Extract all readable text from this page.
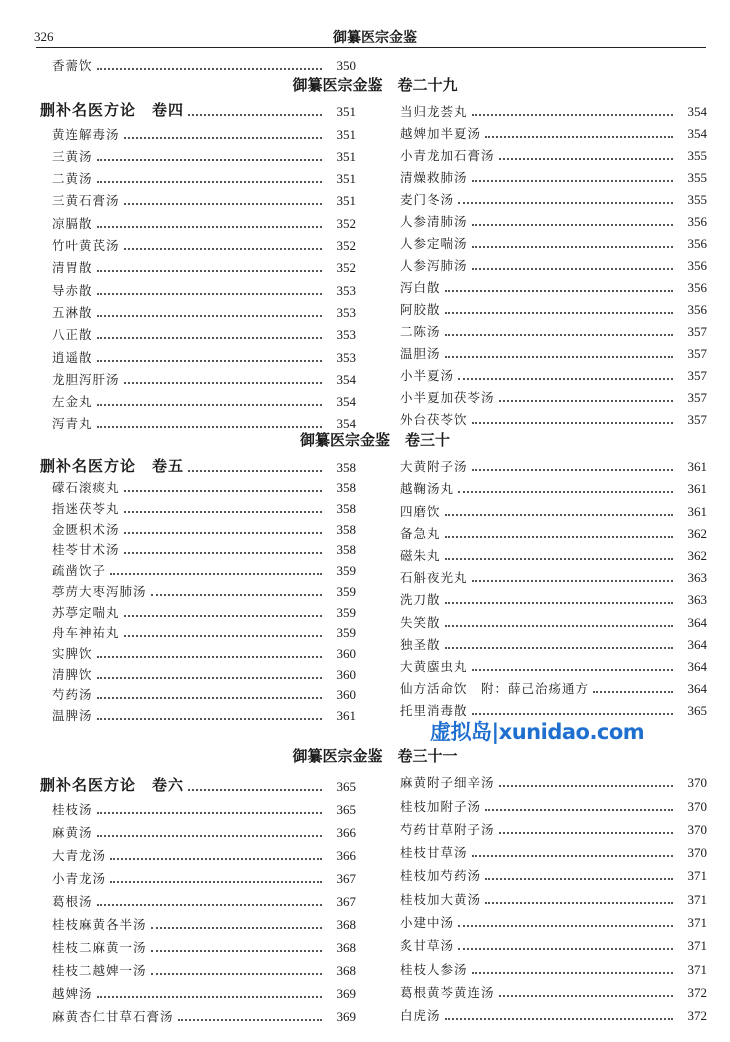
326	御纂医宗金鉴
香薷饮	350
御纂医宗金鉴　卷二十九
删补名医方论　卷四	351
黄连解毒汤	351
三黄汤	351
二黄汤	351
三黄石膏汤	351
凉膈散	352
竹叶黄芪汤	352
清胃散	352
导赤散	353
五淋散	353
八正散	353
逍遥散	353
龙胆泻肝汤	354
左金丸	354
泻青丸	354
当归龙荟丸	354
越婢加半夏汤	354
小青龙加石膏汤	355
清燥救肺汤	355
麦门冬汤	355
人参清肺汤	356
人参定喘汤	356
人参泻肺汤	356
泻白散	356
阿胶散	356
二陈汤	357
温胆汤	357
小半夏汤	357
小半夏加茯苓汤	357
外台茯苓饮	357
御纂医宗金鉴　卷三十
删补名医方论　卷五	358
礞石滚痰丸	358
指迷茯苓丸	358
金匮枳术汤	358
桂苓甘术汤	358
疏凿饮子	359
葶苈大枣泻肺汤	359
苏葶定喘丸	359
舟车神祐丸	359
实脾饮	360
清脾饮	360
芍药汤	360
温脾汤	361
大黄附子汤	361
越鞠汤丸	361
四磨饮	361
备急丸	362
磁朱丸	362
石斛夜光丸	363
洗刀散	363
失笑散	364
独圣散	364
大黄䗪虫丸	364
仙方活命饮　附：薛己治疡通方	364
托里消毒散	365
御纂医宗金鉴　卷三十一
删补名医方论　卷六	365
桂枝汤	365
麻黄汤	366
大青龙汤	366
小青龙汤	367
葛根汤	367
桂枝麻黄各半汤	368
桂枝二麻黄一汤	368
桂枝二越婢一汤	368
越婢汤	369
麻黄杏仁甘草石膏汤	369
麻黄附子细辛汤	370
桂枝加附子汤	370
芍药甘草附子汤	370
桂枝甘草汤	370
桂枝加芍药汤	371
桂枝加大黄汤	371
小建中汤	371
炙甘草汤	371
桂枝人参汤	371
葛根黄芩黄连汤	372
白虎汤	372
虚拟岛|xunidao.com
